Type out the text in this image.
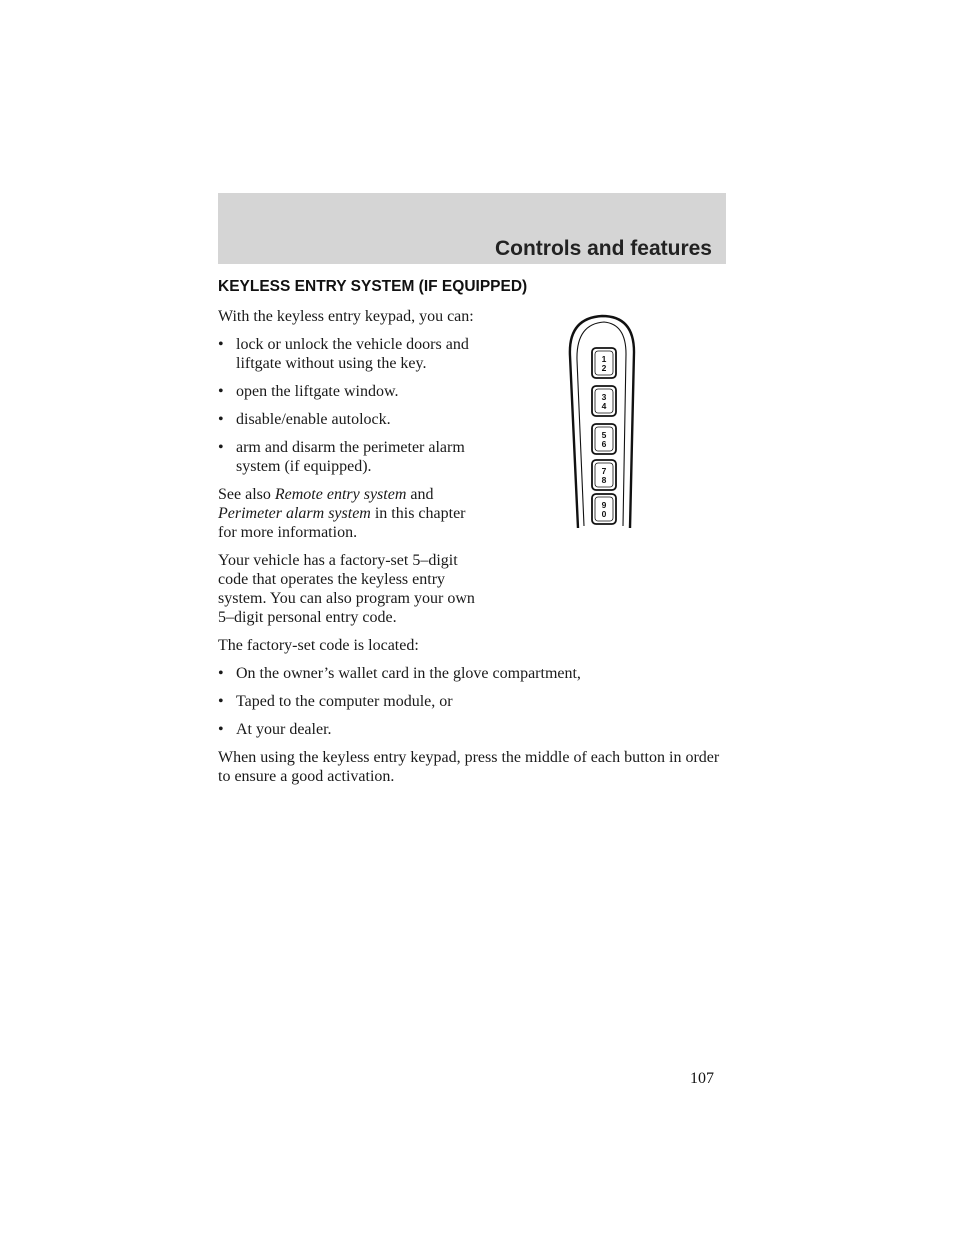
Controls and features
KEYLESS ENTRY SYSTEM (IF EQUIPPED)

With the keyless entry keypad, you can:

• lock or unlock the vehicle doors and liftgate without using the key.
• open the liftgate window.
• disable/enable autolock.
• arm and disarm the perimeter alarm system (if equipped).

See also Remote entry system and Perimeter alarm system in this chapter for more information.

Your vehicle has a factory-set 5–digit code that operates the keyless entry system. You can also program your own 5–digit personal entry code.

The factory-set code is located:

• On the owner’s wallet card in the glove compartment,
• Taped to the computer module, or
• At your dealer.

When using the keyless entry keypad, press the middle of each button in order to ensure a good activation.

1
2
3
4
5
6
7
8
9
0
107
